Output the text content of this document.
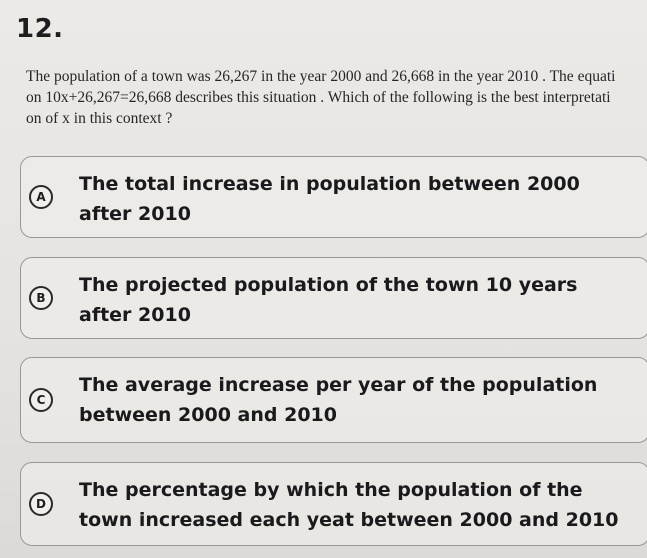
12.
The population of a town was 26,267 in the year 2000 and 26,668 in the year 2010 . The equati on 10x+26,267=26,668 describes this situation . Which of the following is the best interpretati on of x in this context ?
A
The total increase in population between 2000 after 2010
B
The projected population of the town 10 years after 2010
C
The average increase per year of the population between 2000 and 2010
D
The percentage by which the population of the town increased each yeat between 2000 and 2010
